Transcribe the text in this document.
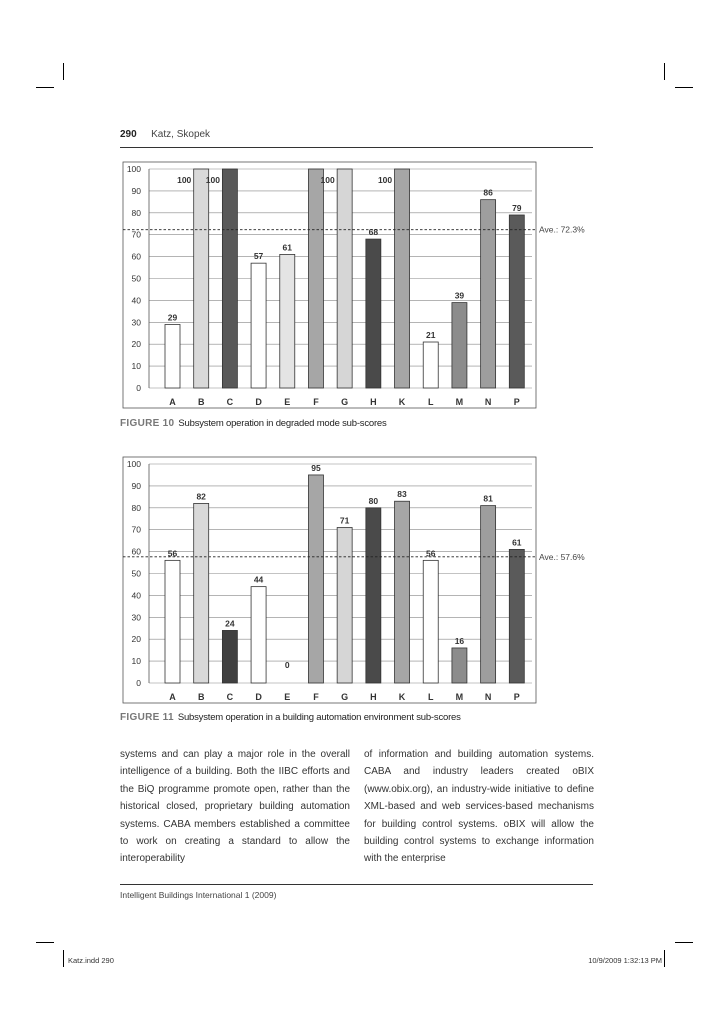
290 Katz, Skopek
0
10
20
30
40
50
60
70
80
90
100
29
A
100
B
100
C
57
D
61
E	F
100
G
68
H
100
K
21
L
39
M
86
N
79
P
Ave.: 72.3%
FIGURE 10 Subsystem operation in degraded mode sub-scores
0
10
20
30
40
50
60
70
80
90
100
56
A
82
B
24
C
44
D
0
E
95
F
71
G
80
H
83
K
56
L
16
M
81
N
61
P
Ave.: 57.6%
FIGURE 11 Subsystem operation in a building automation environment sub-scores
systems and can play a major role in the overall intelligence of a building. Both the IIBC efforts and the BiQ programme promote open, rather than the historical closed, proprietary building automation systems. CABA members established a committee to work on creating a standard to allow the interoperability
of information and building automation systems. CABA and industry leaders created oBIX (www.obix.org), an industry-wide initiative to define XML-based and web services-based mechanisms for building control systems. oBIX will allow the building control systems to exchange information with the enterprise
Intelligent Buildings International 1 (2009)
Katz.indd 290	10/9/2009 1:32:13 PM
